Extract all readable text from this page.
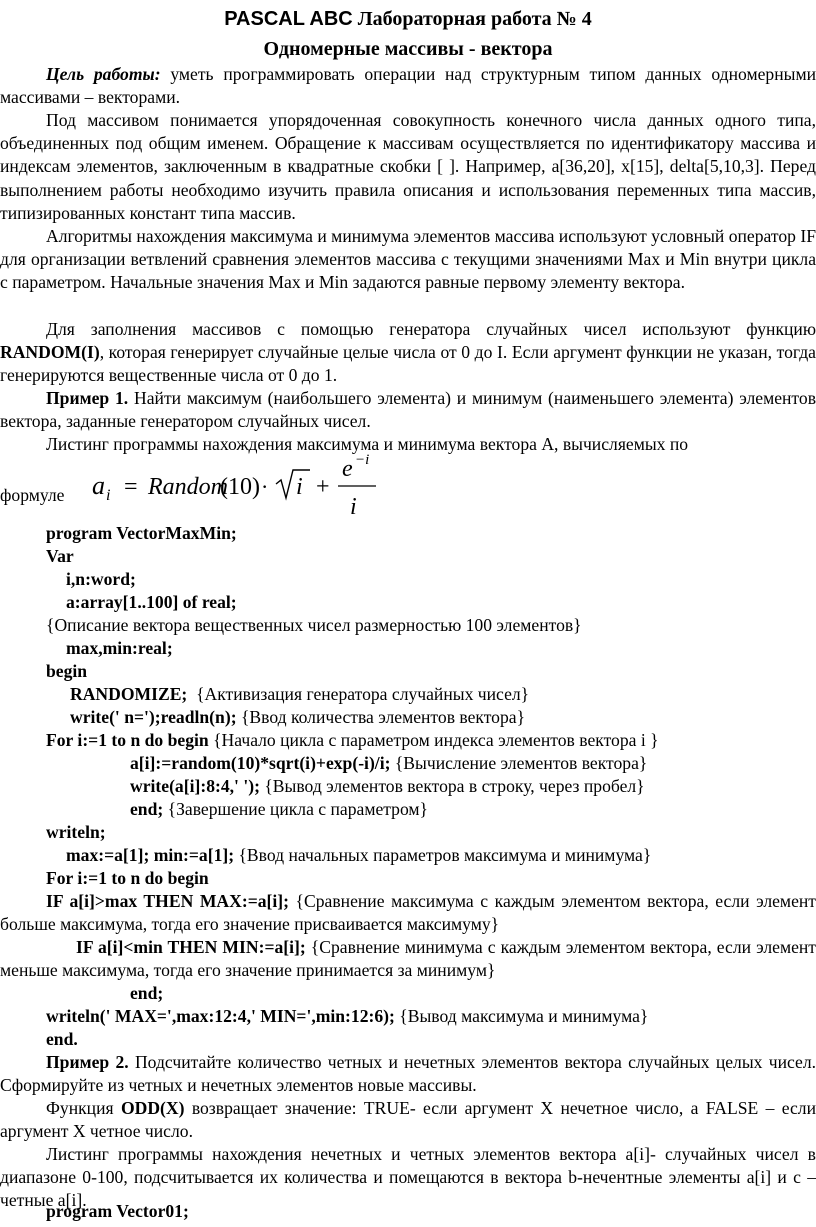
PASCAL ABC Лабораторная работа № 4
Одномерные массивы - вектора
Цель работы: уметь программировать операции над структурным типом данных одномерными массивами – векторами.
Под массивом понимается упорядоченная совокупность конечного числа данных одного типа, объединенных под общим именем. Обращение к массивам осуществляется по идентификатору массива и индексам элементов, заключенным в квадратные скобки [ ]. Например, a[36,20], x[15], delta[5,10,3]. Перед выполнением работы необходимо изучить правила описания и использования переменных типа массив, типизированных констант типа массив.
Алгоритмы нахождения максимума и минимума элементов массива используют условный оператор IF для организации ветвлений сравнения элементов массива с текущими значениями Max и Min внутри цикла с параметром. Начальные значения Max и Min задаются равные первому элементу вектора.
Для заполнения массивов с помощью генератора случайных чисел используют функцию RANDOM(I), которая генерирует случайные целые числа от 0 до I. Если аргумент функции не указан, тогда генерируются вещественные числа от 0 до 1.
Пример 1. Найти максимум (наибольшего элемента) и минимум (наименьшего элемента) элементов вектора, заданные генератором случайных чисел.
Листинг программы нахождения максимума и минимума вектора A, вычисляемых по
формуле a i = Random
(10) · i +
e −i
i
program VectorMaxMin;
Var
i,n:word;
a:array[1..100] of real;
{Описание вектора вещественных чисел размерностью 100 элементов}
max,min:real;
begin
RANDOMIZE;  {Активизация генератора случайных чисел}
write(' n=');readln(n); {Ввод количества элементов вектора}
For i:=1 to n do begin {Начало цикла с параметром индекса элементов вектора i }
a[i]:=random(10)*sqrt(i)+exp(-i)/i; {Вычисление элементов вектора}
write(a[i]:8:4,' '); {Вывод элементов вектора в строку, через пробел}
end; {Завершение цикла с параметром}
writeln;
max:=a[1]; min:=a[1]; {Ввод начальных параметров максимума и минимума}
For i:=1 to n do begin
IF a[i]>max THEN MAX:=a[i]; {Сравнение максимума с каждым элементом вектора, если элемент больше максимума, тогда его значение присваивается максимуму}
IF a[i]<min THEN MIN:=a[i]; {Сравнение минимума с каждым элементом вектора, если элемент меньше максимума, тогда его значение принимается за минимум}
end;
writeln(' MAX=',max:12:4,' MIN=',min:12:6); {Вывод максимума и минимума}
end.
Пример 2. Подсчитайте количество четных и нечетных элементов вектора случайных целых чисел. Сформируйте из четных и нечетных элементов новые массивы.
Функция ODD(X) возвращает значение: TRUE- если аргумент X нечетное число, а FALSE – если аргумент X четное число.
Листинг программы нахождения нечетных и четных элементов вектора a[i]- случайных чисел в диапазоне 0-100, подсчитывается их количества и помещаются в вектора b-нечентные элементы a[i] и с –четные a[i].
program Vector01;
